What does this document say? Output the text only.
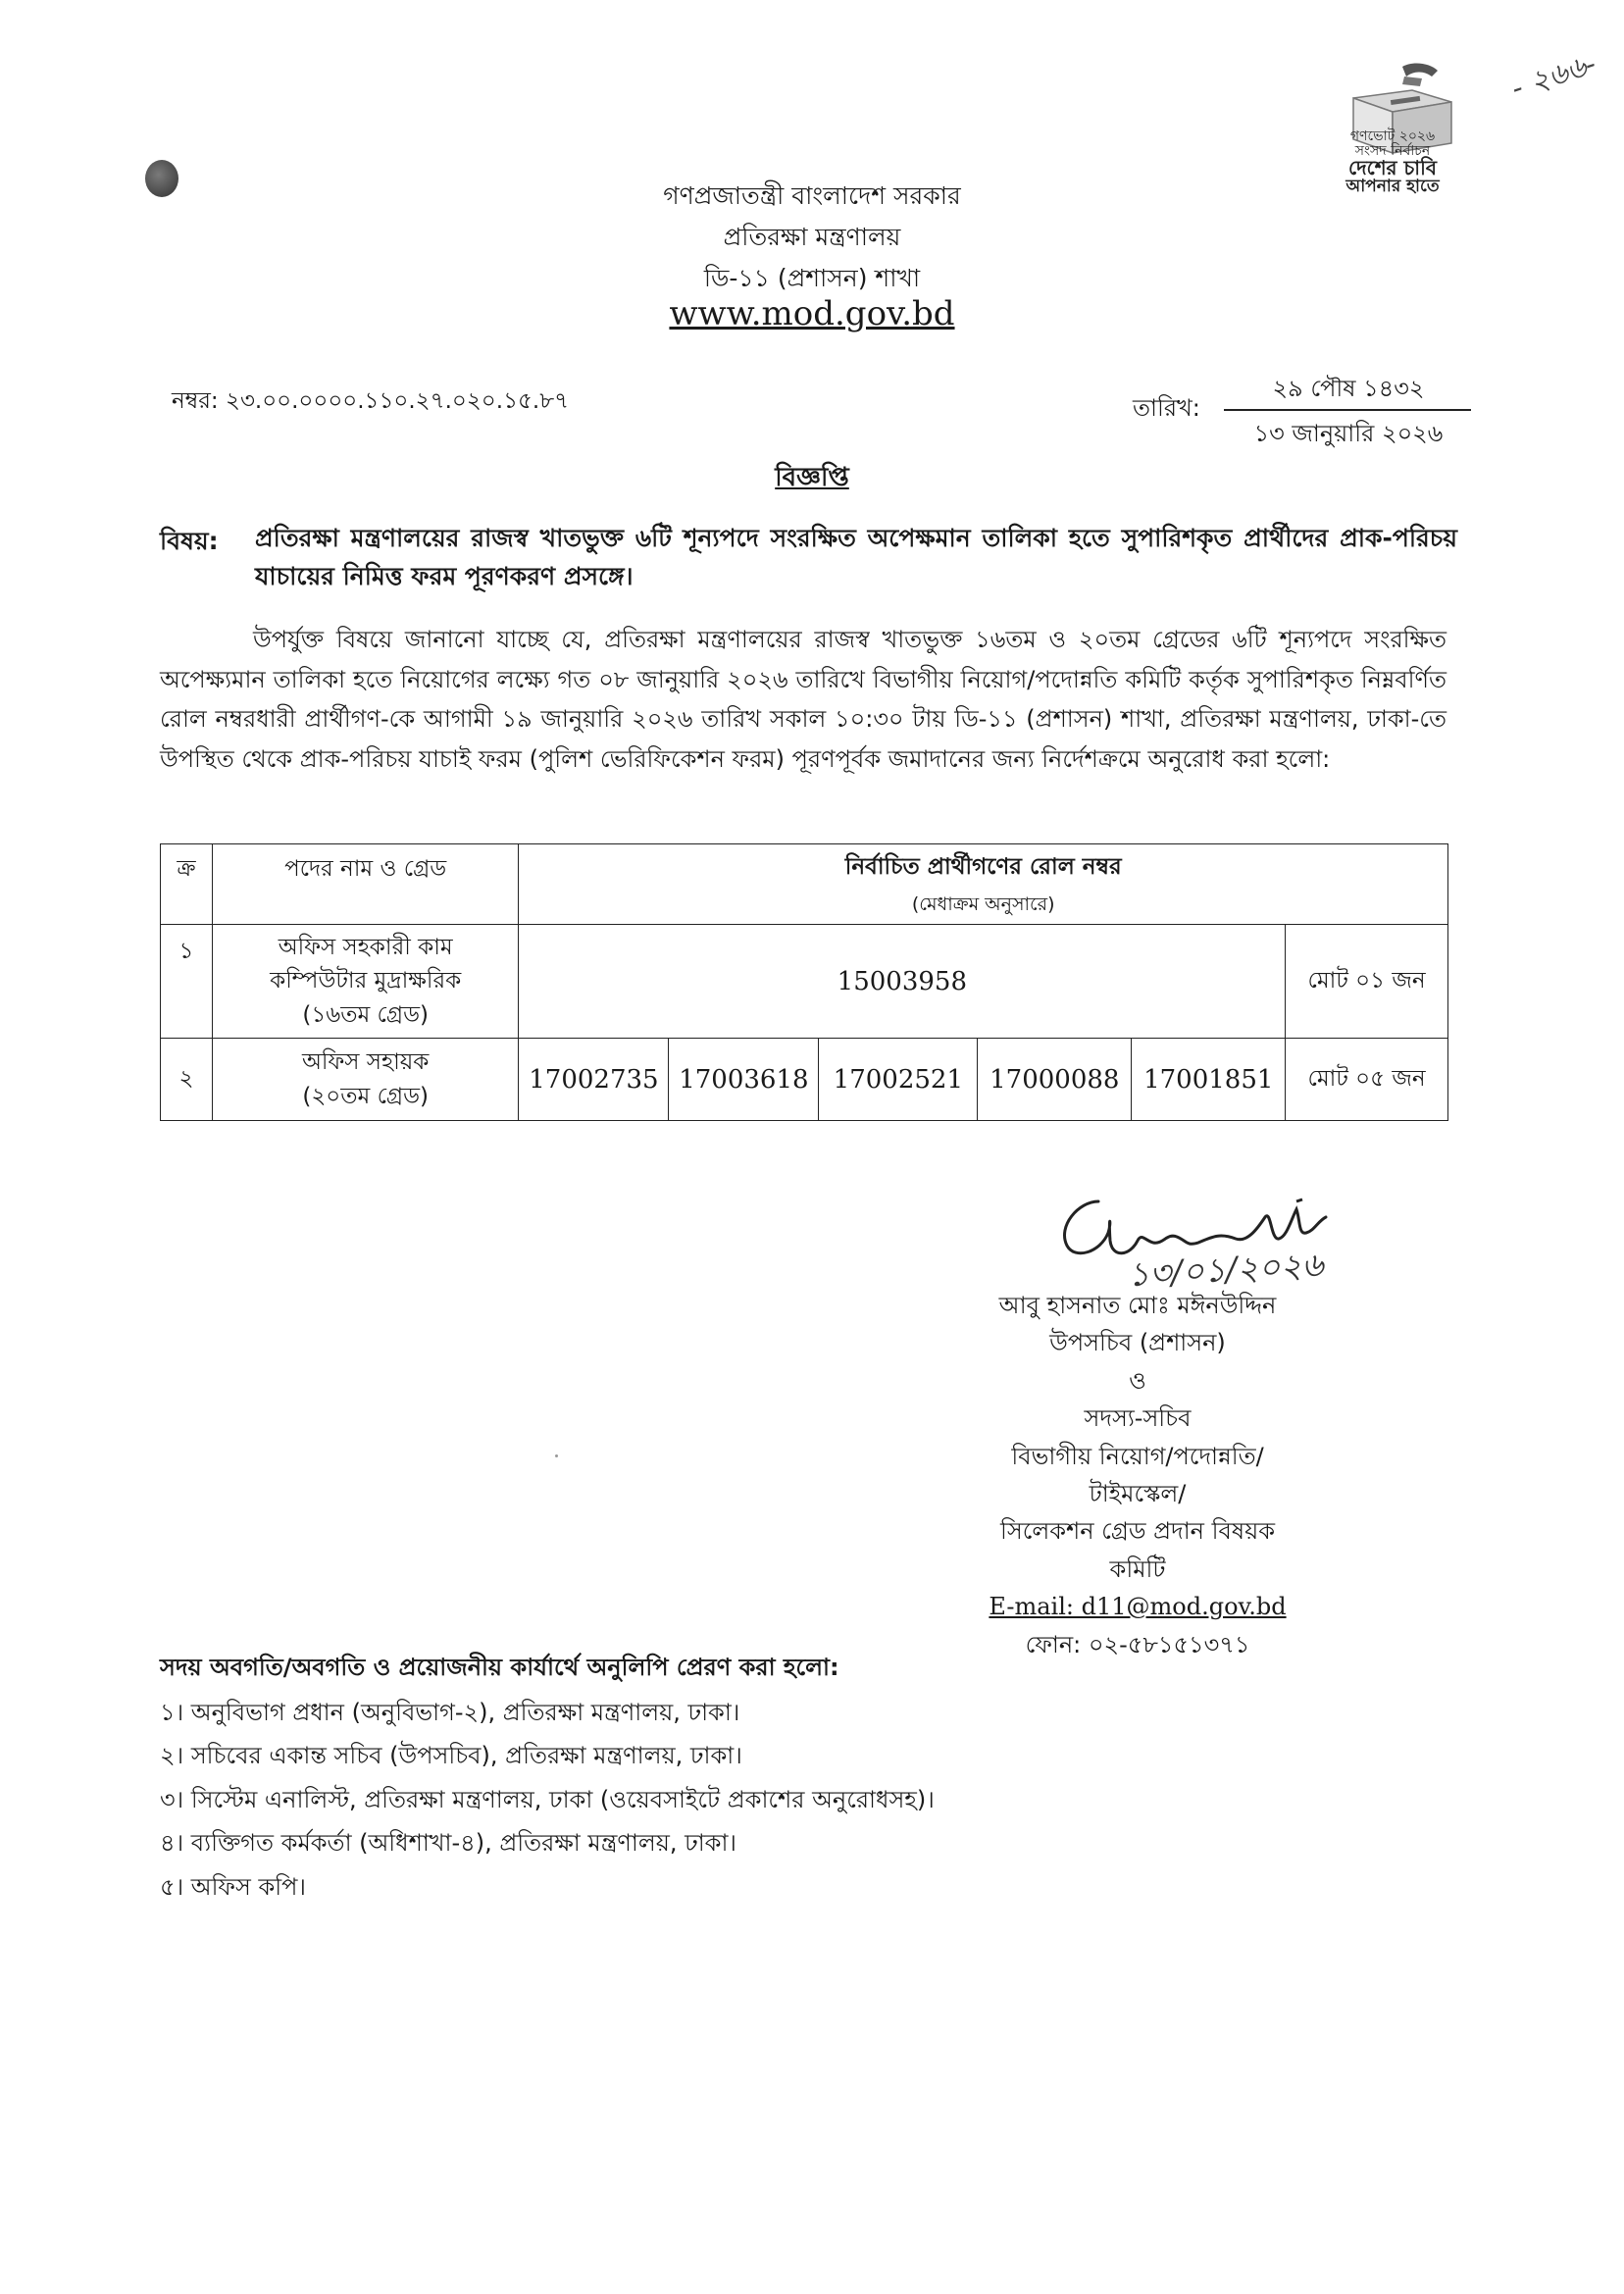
- ২৬৬-
গণভোট ২০২৬
সংসদ নির্বাচন
দেশের চাবি
আপনার হাতে
গণপ্রজাতন্ত্রী বাংলাদেশ সরকার
প্রতিরক্ষা মন্ত্রণালয়
ডি-১১ (প্রশাসন) শাখা
www.mod.gov.bd
নম্বর: ২৩.০০.০০০০.১১০.২৭.০২০.১৫.৮৭	তারিখ:
২৯ পৌষ ১৪৩২
১৩ জানুয়ারি ২০২৬
বিজ্ঞপ্তি
বিষয়: প্রতিরক্ষা মন্ত্রণালয়ের রাজস্ব খাতভুক্ত ৬টি শূন্যপদে সংরক্ষিত অপেক্ষমান তালিকা হতে সুপারিশকৃত প্রার্থীদের প্রাক-পরিচয় যাচায়ের নিমিত্ত ফরম পূরণকরণ প্রসঙ্গে।
উপর্যুক্ত বিষয়ে জানানো যাচ্ছে যে, প্রতিরক্ষা মন্ত্রণালয়ের রাজস্ব খাতভুক্ত ১৬তম ও ২০তম গ্রেডের ৬টি শূন্যপদে সংরক্ষিত অপেক্ষ্যমান তালিকা হতে নিয়োগের লক্ষ্যে গত ০৮ জানুয়ারি ২০২৬ তারিখে বিভাগীয় নিয়োগ/পদোন্নতি কমিটি কর্তৃক সুপারিশকৃত নিম্নবর্ণিত রোল নম্বরধারী প্রার্থীগণ-কে আগামী ১৯ জানুয়ারি ২০২৬ তারিখ সকাল ১০:৩০ টায় ডি-১১ (প্রশাসন) শাখা, প্রতিরক্ষা মন্ত্রণালয়, ঢাকা-তে উপস্থিত থেকে প্রাক-পরিচয় যাচাই ফরম (পুলিশ ভেরিফিকেশন ফরম) পূরণপূর্বক জমাদানের জন্য নির্দেশক্রমে অনুরোধ করা হলো:
ক্র	পদের নাম ও গ্রেড	নির্বাচিত প্রার্থীগণের রোল নম্বর
(মেধাক্রম অনুসারে)					

১	অফিস সহকারী কাম
কম্পিউটার মুদ্রাক্ষরিক
(১৬তম গ্রেড)	15003958					মোট ০১ জন
২	অফিস সহায়ক
(২০তম গ্রেড)	17002735	17003618	17002521	17000088	17001851	মোট ০৫ জন
১৩/০১/২০২৬
আবু হাসনাত মোঃ মঈনউদ্দিন
উপসচিব (প্রশাসন)
ও
সদস্য-সচিব
বিভাগীয় নিয়োগ/পদোন্নতি/টাইমস্কেল/
সিলেকশন গ্রেড প্রদান বিষয়ক কমিটি
E-mail: d11@mod.gov.bd
ফোন: ০২-৫৮১৫১৩৭১
সদয় অবগতি/অবগতি ও প্রয়োজনীয় কার্যার্থে অনুলিপি প্রেরণ করা হলো:
১। অনুবিভাগ প্রধান (অনুবিভাগ-২), প্রতিরক্ষা মন্ত্রণালয়, ঢাকা।
২। সচিবের একান্ত সচিব (উপসচিব), প্রতিরক্ষা মন্ত্রণালয়, ঢাকা।
৩। সিস্টেম এনালিস্ট, প্রতিরক্ষা মন্ত্রণালয়, ঢাকা (ওয়েবসাইটে প্রকাশের অনুরোধসহ)।
৪। ব্যক্তিগত কর্মকর্তা (অধিশাখা-৪), প্রতিরক্ষা মন্ত্রণালয়, ঢাকা।
৫। অফিস কপি।
